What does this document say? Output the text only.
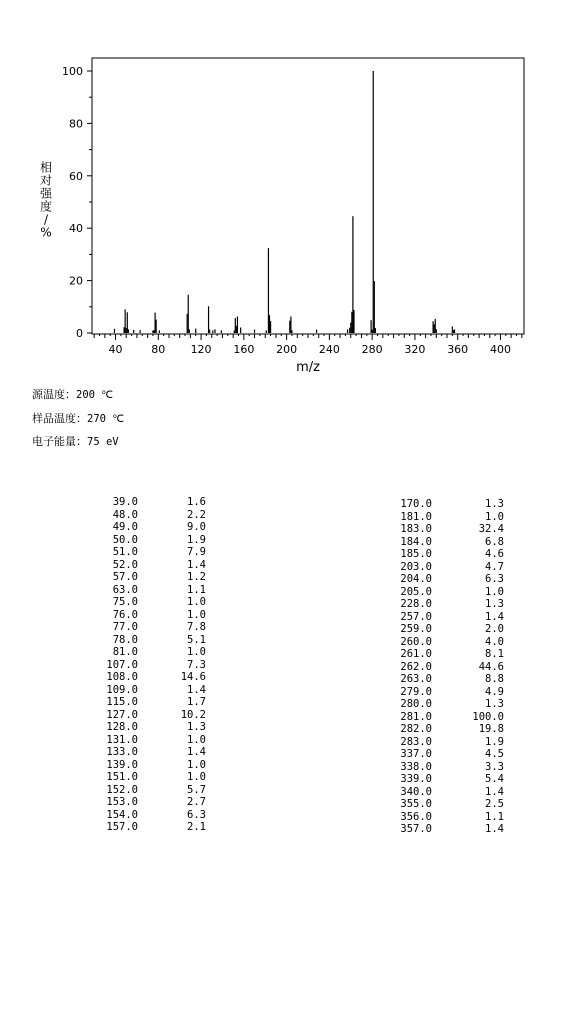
0
20
40
60
80
100
40	80 120 160 200 240 280 320 360 400
m/z
相对强度/ %
源温度：200 ℃
样品温度：270 ℃
电子能量：75 eV
39.0	1.6
48.0	2.2
49.0	9.0
50.0	1.9
51.0	7.9
52.0	1.4
57.0	1.2
63.0	1.1
75.0	1.0
76.0	1.0
77.0	7.8
78.0	5.1
81.0	1.0
107.0	7.3
108.0	14.6
109.0	1.4
115.0	1.7
127.0	10.2
128.0	1.3
131.0	1.0
133.0	1.4
139.0	1.0
151.0	1.0
152.0	5.7
153.0	2.7
154.0	6.3
157.0	2.1
170.0	1.3
181.0	1.0
183.0	32.4
184.0	6.8
185.0	4.6
203.0	4.7
204.0	6.3
205.0	1.0
228.0	1.3
257.0	1.4
259.0	2.0
260.0	4.0
261.0	8.1
262.0	44.6
263.0	8.8
279.0	4.9
280.0	1.3
281.0	100.0
282.0	19.8
283.0	1.9
337.0	4.5
338.0	3.3
339.0	5.4
340.0	1.4
355.0	2.5
356.0	1.1
357.0	1.4
